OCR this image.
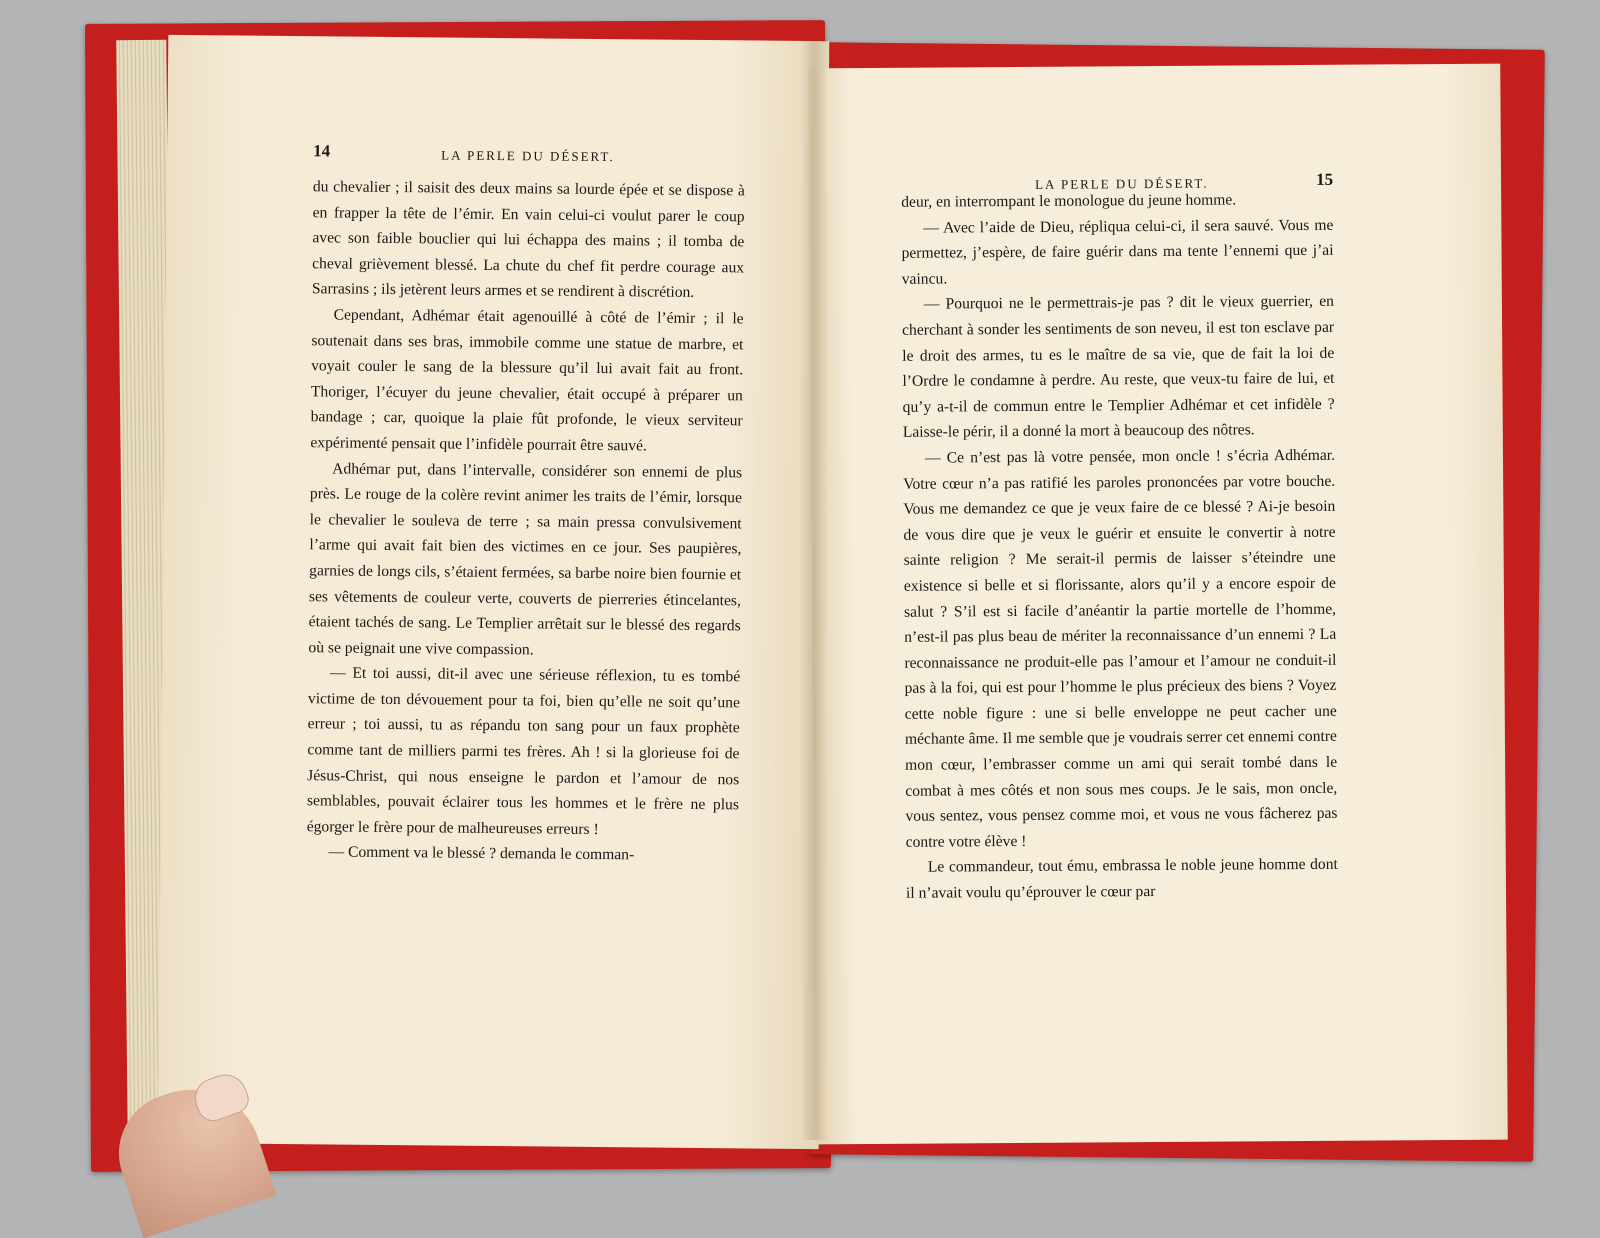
14	LA PERLE DU DÉSERT.

du chevalier ; il saisit des deux mains sa lourde épée et se dispose à en frapper la tête de l’émir. En vain celui-ci voulut parer le coup avec son faible bouclier qui lui échappa des mains ; il tomba de cheval grièvement blessé. La chute du chef fit perdre courage aux Sarrasins ; ils jetèrent leurs armes et se rendirent à discrétion.

Cependant, Adhémar était agenouillé à côté de l’émir ; il le soutenait dans ses bras, immobile comme une statue de marbre, et voyait couler le sang de la blessure qu’il lui avait fait au front. Thoriger, l’écuyer du jeune chevalier, était occupé à préparer un bandage ; car, quoique la plaie fût profonde, le vieux serviteur expérimenté pensait que l’infidèle pourrait être sauvé.

Adhémar put, dans l’intervalle, considérer son ennemi de plus près. Le rouge de la colère revint animer les traits de l’émir, lorsque le chevalier le souleva de terre ; sa main pressa convulsivement l’arme qui avait fait bien des victimes en ce jour. Ses paupières, garnies de longs cils, s’étaient fermées, sa barbe noire bien fournie et ses vêtements de couleur verte, couverts de pierreries étincelantes, étaient tachés de sang. Le Templier arrêtait sur le blessé des regards où se peignait une vive compassion.

— Et toi aussi, dit-il avec une sérieuse réflexion, tu es tombé victime de ton dévouement pour ta foi, bien qu’elle ne soit qu’une erreur ; toi aussi, tu as répandu ton sang pour un faux prophète comme tant de milliers parmi tes frères. Ah ! si la glorieuse foi de Jésus-Christ, qui nous enseigne le pardon et l’amour de nos semblables, pouvait éclairer tous les hommes et le frère ne plus égorger le frère pour de malheureuses erreurs !

— Comment va le blessé ? demanda le comman-

LA PERLE DU DÉSERT.	15

deur, en interrompant le monologue du jeune homme.

— Avec l’aide de Dieu, répliqua celui-ci, il sera sauvé. Vous me permettez, j’espère, de faire guérir dans ma tente l’ennemi que j’ai vaincu.

— Pourquoi ne le permettrais-je pas ? dit le vieux guerrier, en cherchant à sonder les sentiments de son neveu, il est ton esclave par le droit des armes, tu es le maître de sa vie, que de fait la loi de l’Ordre le condamne à perdre. Au reste, que veux-tu faire de lui, et qu’y a-t-il de commun entre le Templier Adhémar et cet infidèle ? Laisse-le périr, il a donné la mort à beaucoup des nôtres.

— Ce n’est pas là votre pensée, mon oncle ! s’écria Adhémar. Votre cœur n’a pas ratifié les paroles prononcées par votre bouche. Vous me demandez ce que je veux faire de ce blessé ? Ai-je besoin de vous dire que je veux le guérir et ensuite le convertir à notre sainte religion ? Me serait-il permis de laisser s’éteindre une existence si belle et si florissante, alors qu’il y a encore espoir de salut ? S’il est si facile d’anéantir la partie mortelle de l’homme, n’est-il pas plus beau de mériter la reconnaissance d’un ennemi ? La reconnaissance ne produit-elle pas l’amour et l’amour ne conduit-il pas à la foi, qui est pour l’homme le plus précieux des biens ? Voyez cette noble figure : une si belle enveloppe ne peut cacher une méchante âme. Il me semble que je voudrais serrer cet ennemi contre mon cœur, l’embrasser comme un ami qui serait tombé dans le combat à mes côtés et non sous mes coups. Je le sais, mon oncle, vous sentez, vous pensez comme moi, et vous ne vous fâcherez pas contre votre élève !

Le commandeur, tout ému, embrassa le noble jeune homme dont il n’avait voulu qu’éprouver le cœur par
